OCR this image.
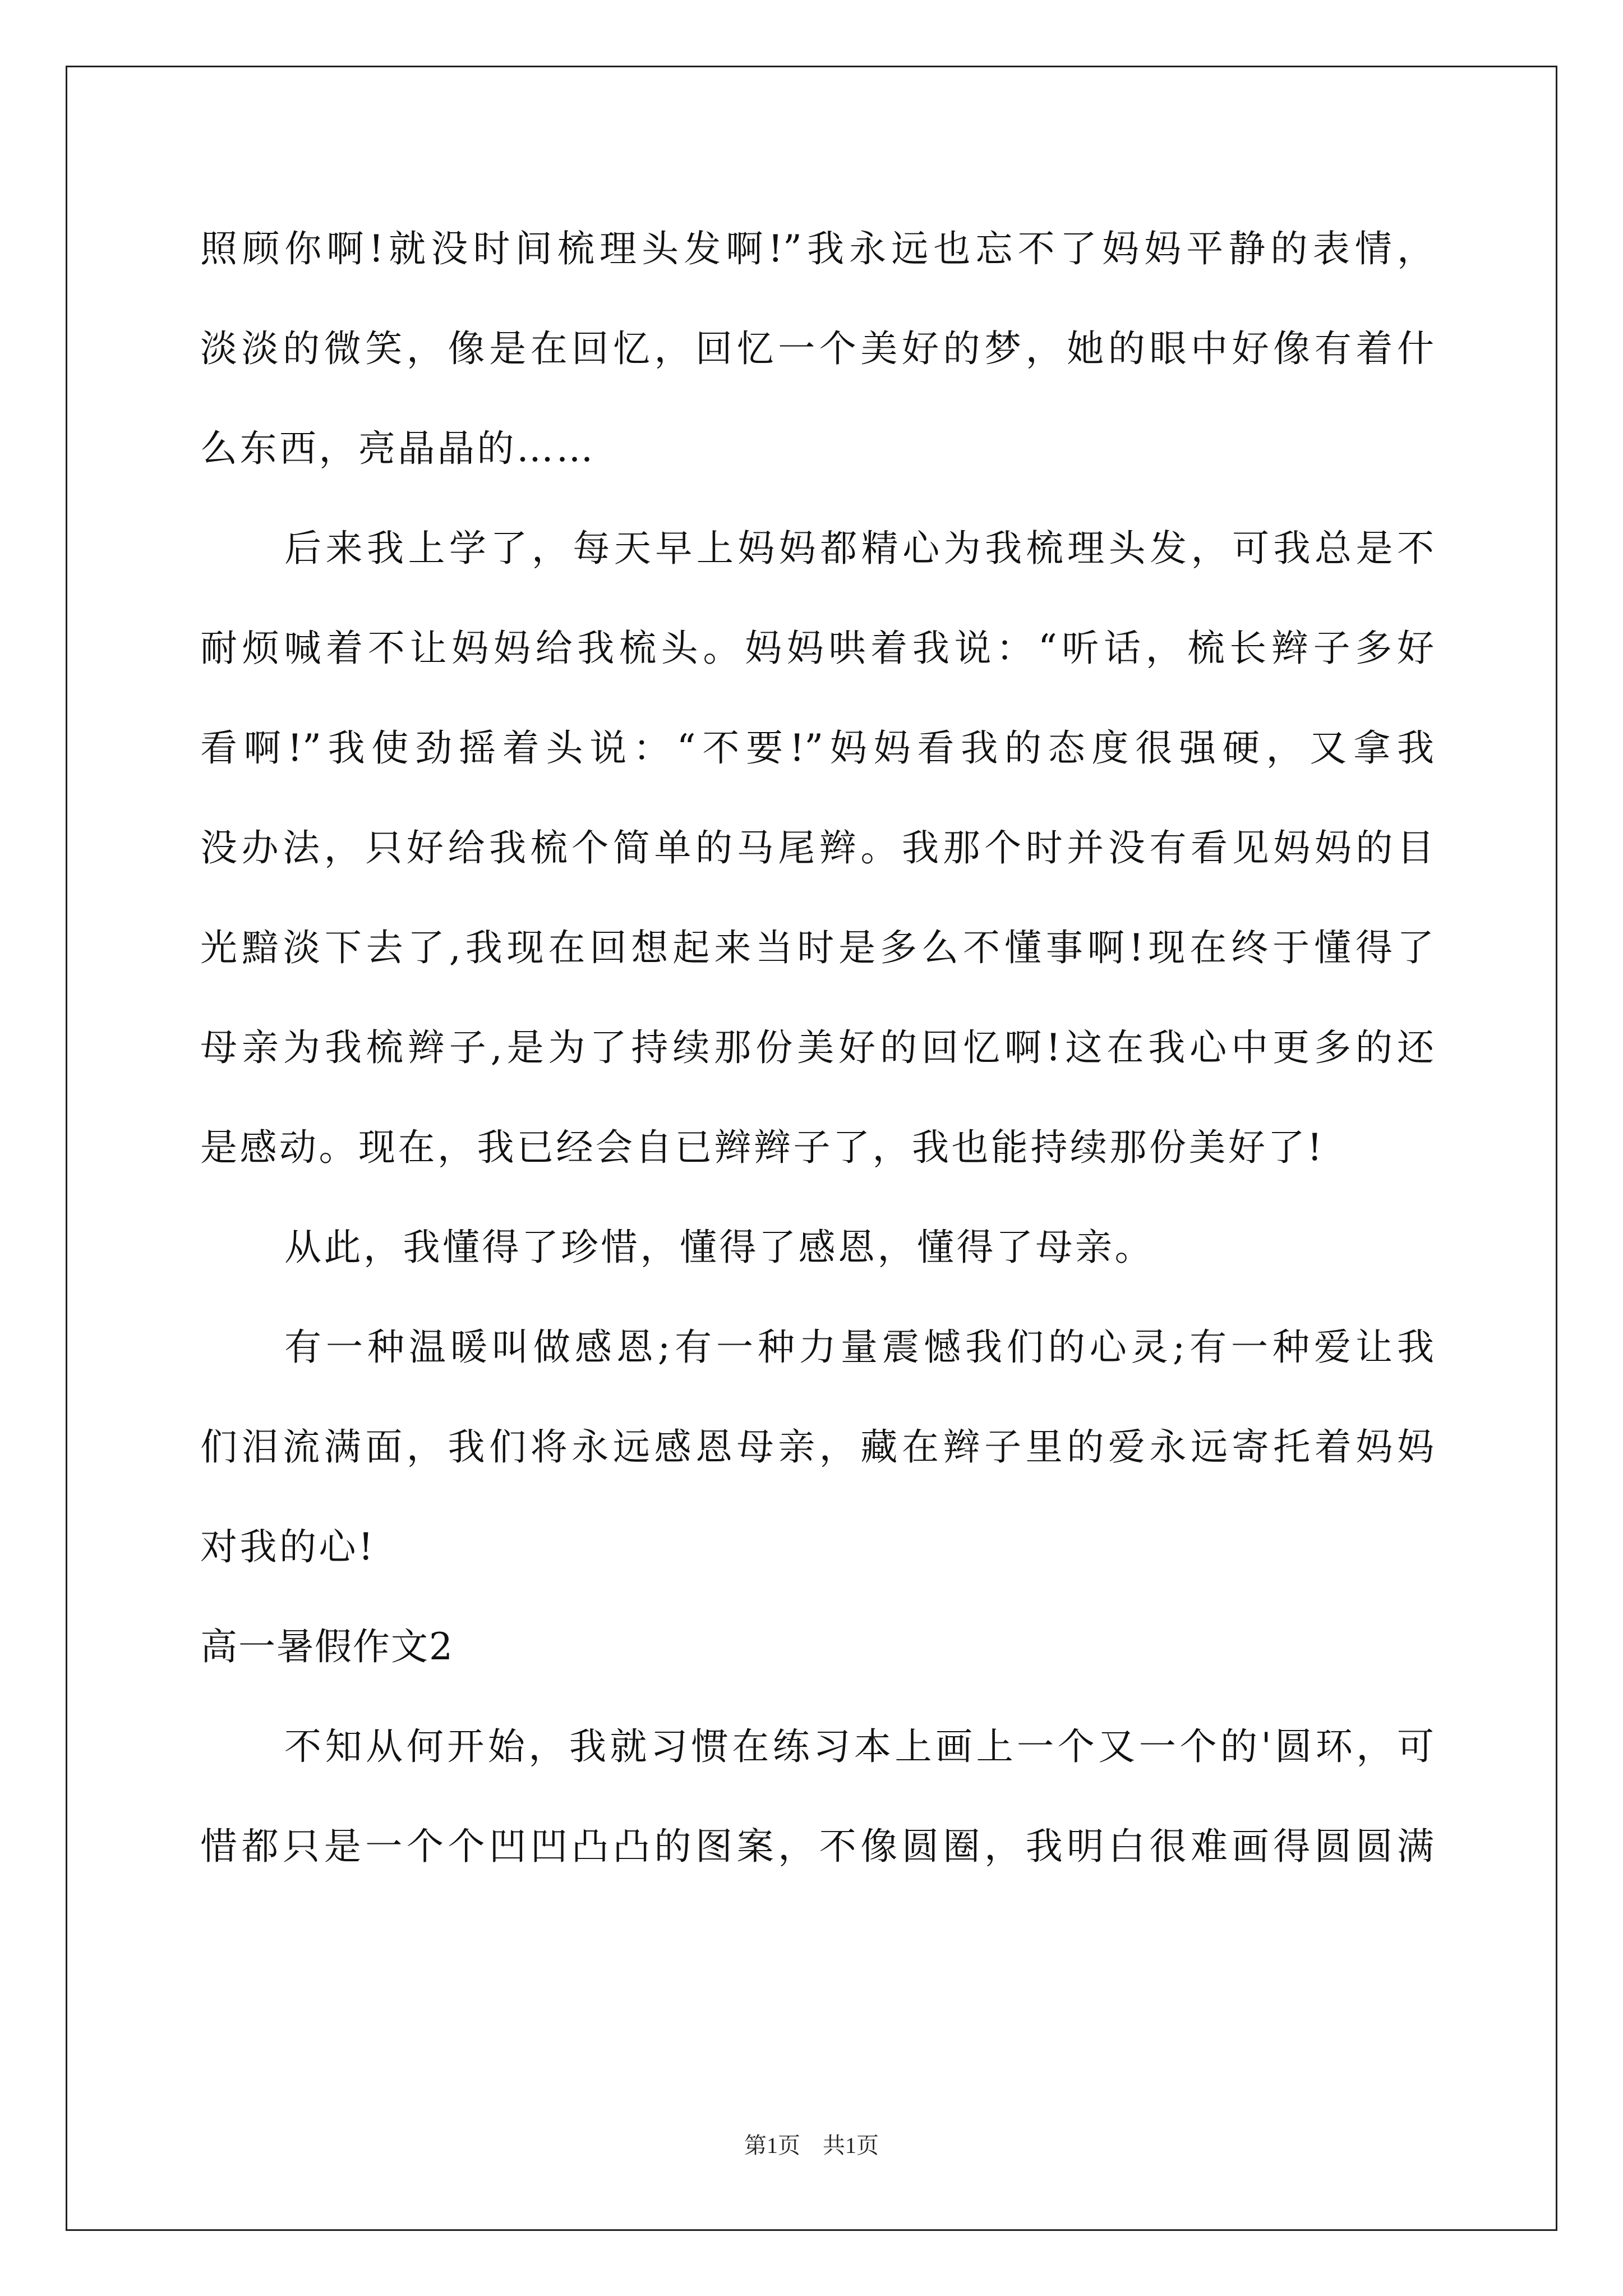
照顾你啊!就没时间梳理头发啊!”我永远也忘不了妈妈平静的表情，
淡淡的微笑，像是在回忆，回忆一个美好的梦，她的眼中好像有着什
么东西，亮晶晶的……
后来我上学了，每天早上妈妈都精心为我梳理头发，可我总是不
耐烦喊着不让妈妈给我梳头。妈妈哄着我说：“听话，梳长辫子多好
看啊!”我使劲摇着头说：“不要!”妈妈看我的态度很强硬，又拿我
没办法，只好给我梳个简单的马尾辫。我那个时并没有看见妈妈的目
光黯淡下去了,我现在回想起来当时是多么不懂事啊!现在终于懂得了
母亲为我梳辫子,是为了持续那份美好的回忆啊!这在我心中更多的还
是感动。现在，我已经会自已辫辫子了，我也能持续那份美好了!
从此，我懂得了珍惜，懂得了感恩，懂得了母亲。
有一种温暖叫做感恩;有一种力量震憾我们的心灵;有一种爱让我
们泪流满面，我们将永远感恩母亲，藏在辫子里的爱永远寄托着妈妈
对我的心!
高一暑假作文2
不知从何开始，我就习惯在练习本上画上一个又一个的'圆环，可
惜都只是一个个凹凹凸凸的图案，不像圆圈，我明白很难画得圆圆满
第1页　共1页
